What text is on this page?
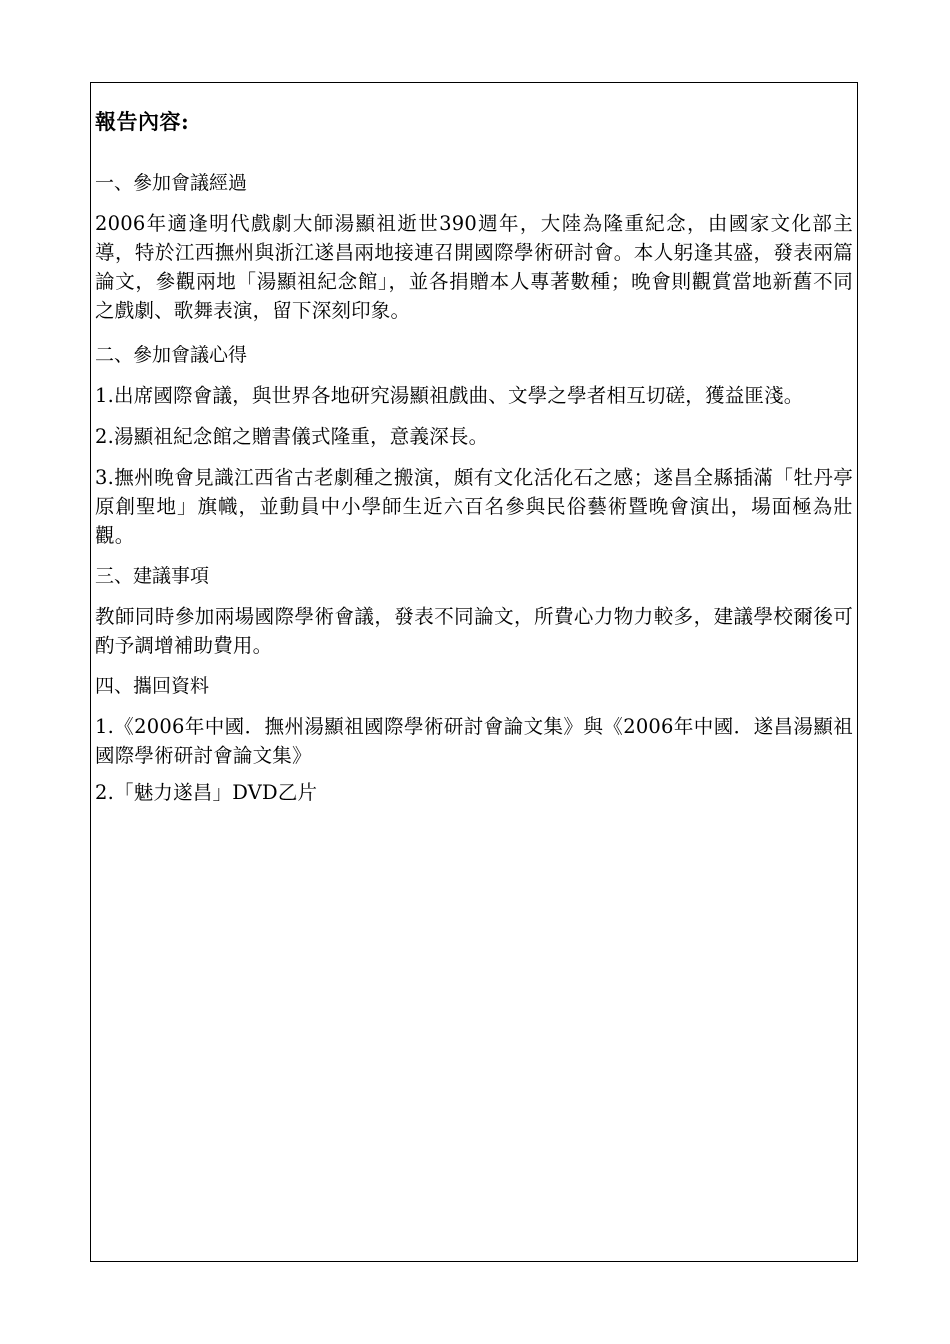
報告內容:
一、參加會議經過
2006年適逢明代戲劇大師湯顯祖逝世390週年，大陸為隆重紀念，由國家文化部主導，特於江西撫州與浙江遂昌兩地接連召開國際學術研討會。本人躬逢其盛，發表兩篇論文，參觀兩地「湯顯祖紀念館」，並各捐贈本人專著數種；晚會則觀賞當地新舊不同之戲劇、歌舞表演，留下深刻印象。
二、參加會議心得
1.出席國際會議，與世界各地研究湯顯祖戲曲、文學之學者相互切磋，獲益匪淺。
2.湯顯祖紀念館之贈書儀式隆重，意義深長。
3.撫州晚會見識江西省古老劇種之搬演，頗有文化活化石之感；遂昌全縣插滿「牡丹亭原創聖地」旗幟，並動員中小學師生近六百名參與民俗藝術暨晚會演出，場面極為壯觀。
三、建議事項
教師同時參加兩場國際學術會議，發表不同論文，所費心力物力較多，建議學校爾後可酌予調增補助費用。
四、攜回資料
1.《2006年中國．撫州湯顯祖國際學術研討會論文集》與《2006年中國．遂昌湯顯祖國際學術研討會論文集》
2.「魅力遂昌」DVD乙片
